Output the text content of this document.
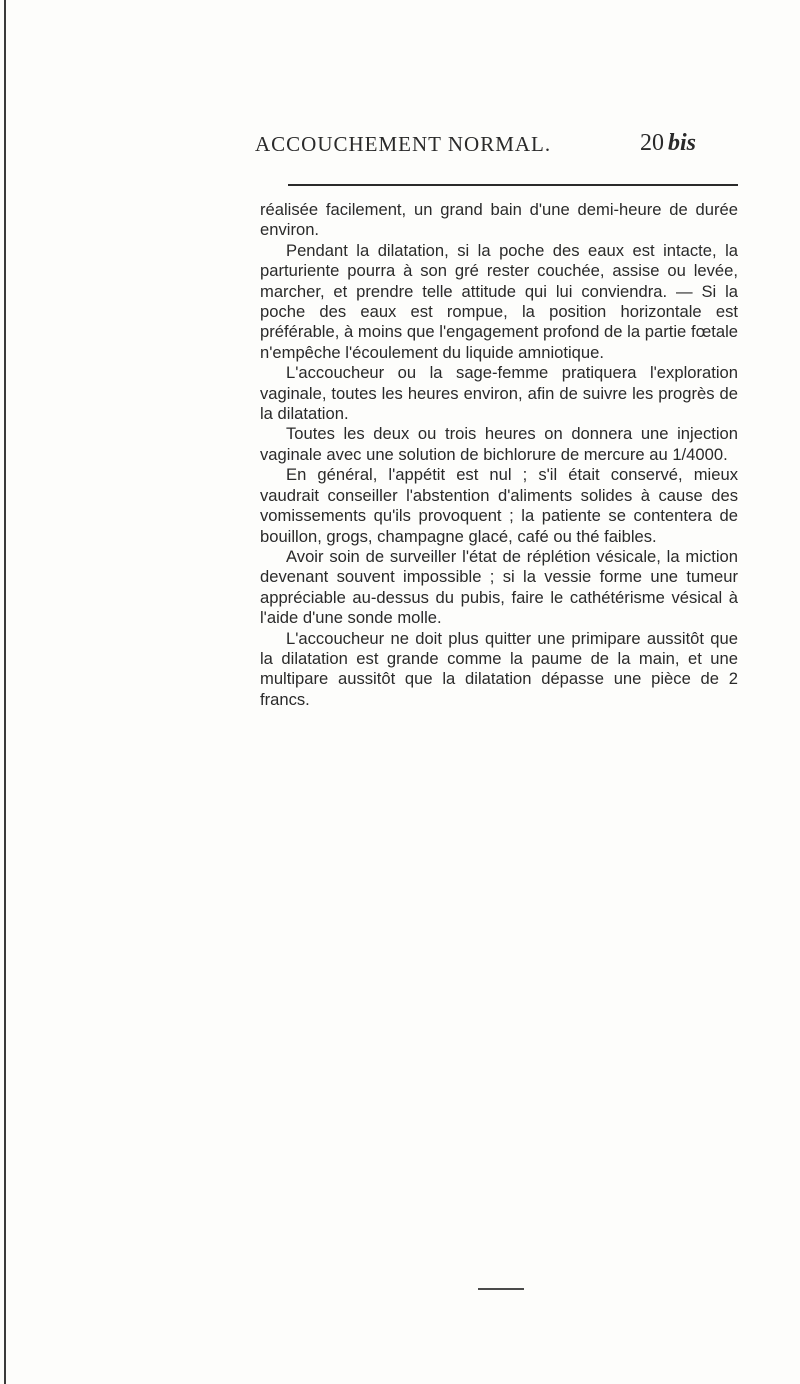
ACCOUCHEMENT NORMAL.	20 bis

réalisée facilement, un grand bain d'une demi-heure de durée environ.

Pendant la dilatation, si la poche des eaux est intacte, la parturiente pourra à son gré rester couchée, assise ou levée, marcher, et prendre telle attitude qui lui conviendra. — Si la poche des eaux est rompue, la position horizontale est préférable, à moins que l'engagement profond de la partie fœtale n'empêche l'écoulement du liquide amniotique.

L'accoucheur ou la sage-femme pratiquera l'exploration vaginale, toutes les heures environ, afin de suivre les progrès de la dilatation.

Toutes les deux ou trois heures on donnera une injection vaginale avec une solution de bichlorure de mercure au 1/4000.

En général, l'appétit est nul ; s'il était conservé, mieux vaudrait conseiller l'abstention d'aliments solides à cause des vomissements qu'ils provoquent ; la patiente se contentera de bouillon, grogs, champagne glacé, café ou thé faibles.

Avoir soin de surveiller l'état de réplétion vésicale, la miction devenant souvent impossible ; si la vessie forme une tumeur appréciable au-dessus du pubis, faire le cathétérisme vésical à l'aide d'une sonde molle.

L'accoucheur ne doit plus quitter une primipare aussitôt que la dilatation est grande comme la paume de la main, et une multipare aussitôt que la dilatation dépasse une pièce de 2 francs.
